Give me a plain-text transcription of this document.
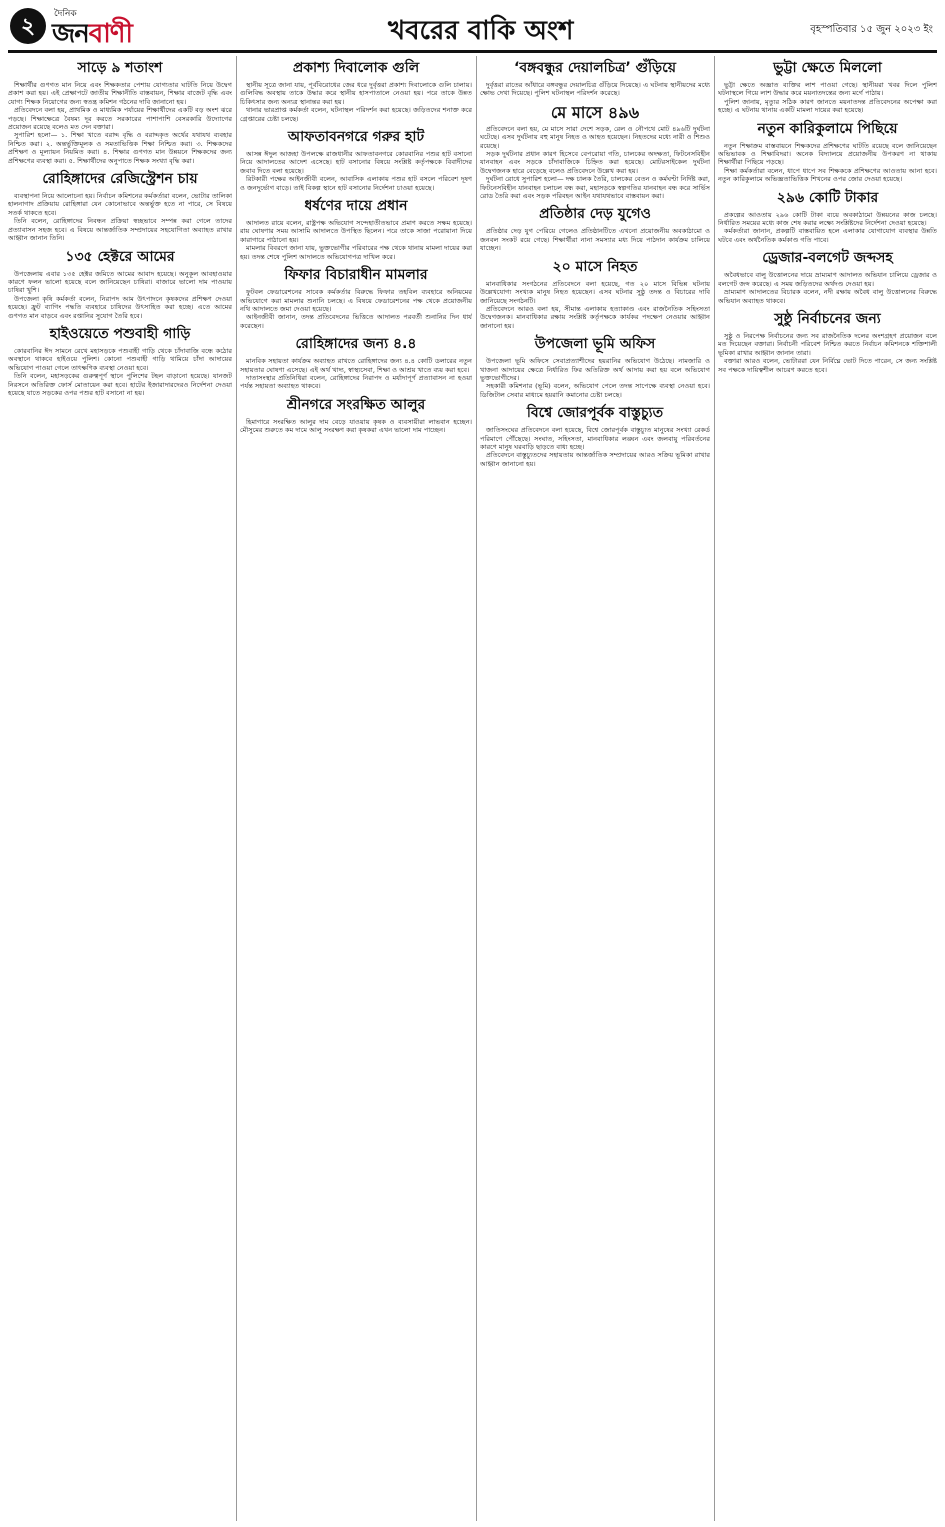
২	দৈনিক
জনবাণী	খবরের বাকি অংশ	বৃহস্পতিবার ১৫ জুন ২০২৩ ইং
সাড়ে ৯ শতাংশ

শিক্ষার্থীর গুণগত মান নিয়ে এবং শিক্ষকতার পেশায় যোগ্যতার ঘাটতি নিয়ে উদ্বেগ প্রকাশ করা হয়। এই প্রেক্ষাপটে জাতীয় শিক্ষানীতি বাস্তবায়ন, শিক্ষার বাজেট বৃদ্ধি এবং যোগ্য শিক্ষক নিয়োগের জন্য স্বতন্ত্র কমিশন গঠনের দাবি জানানো হয়।

প্রতিবেদনে বলা হয়, প্রাথমিক ও মাধ্যমিক পর্যায়ের শিক্ষার্থীদের একটি বড় অংশ ঝরে পড়ছে। শিক্ষাক্ষেত্রে বৈষম্য দূর করতে সরকারের পাশাপাশি বেসরকারি উদ্যোগের প্রয়োজন রয়েছে বলেও মত দেন বক্তারা।

সুপারিশ হলো— ১. শিক্ষা খাতে বরাদ্দ বৃদ্ধি ও বরাদ্দকৃত অর্থের যথাযথ ব্যবহার নিশ্চিত করা। ২. অন্তর্ভুক্তিমূলক ও সমতাভিত্তিক শিক্ষা নিশ্চিত করা। ৩. শিক্ষকদের প্রশিক্ষণ ও মূল্যায়ন নিয়মিত করা। ৪. শিক্ষার গুণগত মান উন্নয়নে শিক্ষকদের জন্য প্রশিক্ষণের ব্যবস্থা করা। ৫. শিক্ষার্থীদের অনুপাতে শিক্ষক সংখ্যা বৃদ্ধি করা।

রোহিঙ্গাদের রেজিস্ট্রেশন চায়

ব্যবস্থাপনা নিয়ে আলোচনা হয়। নির্বাচন কমিশনের কর্মকর্তারা বলেন, ভোটার তালিকা হালনাগাদ প্রক্রিয়ায় রোহিঙ্গারা যেন কোনোভাবে অন্তর্ভুক্ত হতে না পারে, সে বিষয়ে সতর্ক থাকতে হবে।

তিনি বলেন, রোহিঙ্গাদের নিবন্ধন প্রক্রিয়া স্বচ্ছভাবে সম্পন্ন করা গেলে তাদের প্রত্যাবাসন সহজ হবে। এ বিষয়ে আন্তর্জাতিক সম্প্রদায়ের সহযোগিতা অব্যাহত রাখার আহ্বান জানান তিনি।

১৩৫ হেক্টরে আমের

উপজেলায় এবার ১৩৫ হেক্টর জমিতে আমের আবাদ হয়েছে। অনুকূল আবহাওয়ার কারণে ফলন ভালো হয়েছে বলে জানিয়েছেন চাষিরা। বাজারে ভালো দাম পাওয়ায় চাষিরা খুশি।

উপজেলা কৃষি কর্মকর্তা বলেন, নিরাপদ আম উৎপাদনে কৃষকদের প্রশিক্ষণ দেওয়া হয়েছে। ফ্রুট ব্যাগিং পদ্ধতি ব্যবহারে চাষিদের উৎসাহিত করা হচ্ছে। এতে আমের গুণগত মান বাড়বে এবং রপ্তানির সুযোগ তৈরি হবে।

হাইওয়েতে পশুবাহী গাড়ি

কোরবানির ঈদ সামনে রেখে মহাসড়কে পশুবাহী গাড়ি থেকে চাঁদাবাজি বন্ধে কঠোর অবস্থানে থাকবে হাইওয়ে পুলিশ। কোনো পশুবাহী গাড়ি থামিয়ে চাঁদা আদায়ের অভিযোগ পাওয়া গেলে তাৎক্ষণিক ব্যবস্থা নেওয়া হবে।

তিনি বলেন, মহাসড়কের গুরুত্বপূর্ণ স্থানে পুলিশের টহল বাড়ানো হয়েছে। যানজট নিরসনে অতিরিক্ত ফোর্স মোতায়েন করা হবে। হাটের ইজারাদারদেরও নির্দেশনা দেওয়া হয়েছে যাতে সড়কের ওপর পশুর হাট বসানো না হয়।

প্রকাশ্য দিবালোক গুলি

স্থানীয় সূত্রে জানা যায়, পূর্ববিরোধের জের ধরে দুর্বৃত্তরা প্রকাশ্য দিবালোকে গুলি চালায়। গুলিবিদ্ধ অবস্থায় তাকে উদ্ধার করে স্থানীয় হাসপাতালে নেওয়া হয়। পরে তাকে উন্নত চিকিৎসার জন্য অন্যত্র স্থানান্তর করা হয়।

থানার ভারপ্রাপ্ত কর্মকর্তা বলেন, ঘটনাস্থল পরিদর্শন করা হয়েছে। জড়িতদের শনাক্ত করে গ্রেপ্তারের চেষ্টা চলছে।

আফতাবনগরে গরুর হাট

আসন্ন ঈদুল আজহা উপলক্ষে রাজধানীর আফতাবনগরে কোরবানির পশুর হাট বসানো নিয়ে আদালতের আদেশ এসেছে। হাট বসানোর বিষয়ে সংশ্লিষ্ট কর্তৃপক্ষকে বিবাদীদের জবাব দিতে বলা হয়েছে।

রিটকারী পক্ষের আইনজীবী বলেন, আবাসিক এলাকায় পশুর হাট বসলে পরিবেশ দূষণ ও জনদুর্ভোগ বাড়ে। তাই বিকল্প স্থানে হাট বসানোর নির্দেশনা চাওয়া হয়েছে।

ধর্ষণের দায়ে প্রধান

আদালত রায়ে বলেন, রাষ্ট্রপক্ষ অভিযোগ সন্দেহাতীতভাবে প্রমাণ করতে সক্ষম হয়েছে। রায় ঘোষণার সময় আসামি আদালতে উপস্থিত ছিলেন। পরে তাকে সাজা পরোয়ানা দিয়ে কারাগারে পাঠানো হয়।

মামলার বিবরণে জানা যায়, ভুক্তভোগীর পরিবারের পক্ষ থেকে থানায় মামলা দায়ের করা হয়। তদন্ত শেষে পুলিশ আদালতে অভিযোগপত্র দাখিল করে।

ফিফার বিচারাধীন মামলার

ফুটবল ফেডারেশনের সাবেক কর্মকর্তার বিরুদ্ধে ফিফার তহবিল ব্যবহারে অনিয়মের অভিযোগে করা মামলার শুনানি চলছে। এ বিষয়ে ফেডারেশনের পক্ষ থেকে প্রয়োজনীয় নথি আদালতে জমা দেওয়া হয়েছে।

আইনজীবী জানান, তদন্ত প্রতিবেদনের ভিত্তিতে আদালত পরবর্তী শুনানির দিন ধার্য করেছেন।

রোহিঙ্গাদের জন্য ৪.৪

মানবিক সহায়তা কার্যক্রম অব্যাহত রাখতে রোহিঙ্গাদের জন্য ৪.৪ কোটি ডলারের নতুন সহায়তার ঘোষণা এসেছে। এই অর্থ খাদ্য, স্বাস্থ্যসেবা, শিক্ষা ও আশ্রয় খাতে ব্যয় করা হবে।

দাতাসংস্থার প্রতিনিধিরা বলেন, রোহিঙ্গাদের নিরাপদ ও মর্যাদাপূর্ণ প্রত্যাবাসন না হওয়া পর্যন্ত সহায়তা অব্যাহত থাকবে।

শ্রীনগরে সংরক্ষিত আলুর

হিমাগারে সংরক্ষিত আলুর দাম বেড়ে যাওয়ায় কৃষক ও ব্যবসায়ীরা লাভবান হচ্ছেন। মৌসুমের শুরুতে কম দামে আলু সংরক্ষণ করা কৃষকরা এখন ভালো দাম পাচ্ছেন।

‘বঙ্গবন্ধুর দেয়ালচিত্র’ গুঁড়িয়ে

দুর্বৃত্তরা রাতের আঁধারে বঙ্গবন্ধুর দেয়ালচিত্র গুঁড়িয়ে দিয়েছে। এ ঘটনায় স্থানীয়দের মধ্যে ক্ষোভ দেখা দিয়েছে। পুলিশ ঘটনাস্থল পরিদর্শন করেছে।

মে মাসে ৪৯৬

প্রতিবেদনে বলা হয়, মে মাসে সারা দেশে সড়ক, রেল ও নৌপথে মোট ৪৯৬টি দুর্ঘটনা ঘটেছে। এসব দুর্ঘটনায় বহু মানুষ নিহত ও আহত হয়েছেন। নিহতদের মধ্যে নারী ও শিশুও রয়েছে।

সড়ক দুর্ঘটনার প্রধান কারণ হিসেবে বেপরোয়া গতি, চালকের অদক্ষতা, ফিটনেসবিহীন যানবাহন এবং সড়কে চাঁদাবাজিকে চিহ্নিত করা হয়েছে। মোটরসাইকেল দুর্ঘটনা উদ্বেগজনক হারে বেড়েছে বলেও প্রতিবেদনে উল্লেখ করা হয়।

দুর্ঘটনা রোধে সুপারিশ হলো— দক্ষ চালক তৈরি, চালকের বেতন ও কর্মঘণ্টা নির্দিষ্ট করা, ফিটনেসবিহীন যানবাহন চলাচল বন্ধ করা, মহাসড়কে স্বল্পগতির যানবাহন বন্ধ করে সার্ভিস রোড তৈরি করা এবং সড়ক পরিবহন আইন যথাযথভাবে বাস্তবায়ন করা।

প্রতিষ্ঠার দেড় যুগেও

প্রতিষ্ঠার দেড় যুগ পেরিয়ে গেলেও প্রতিষ্ঠানটিতে এখনো প্রয়োজনীয় অবকাঠামো ও জনবল সংকট রয়ে গেছে। শিক্ষার্থীরা নানা সমস্যার মধ্য দিয়ে পাঠদান কার্যক্রম চালিয়ে যাচ্ছেন।

২০ মাসে নিহত

মানবাধিকার সংগঠনের প্রতিবেদনে বলা হয়েছে, গত ২০ মাসে বিভিন্ন ঘটনায় উল্লেখযোগ্য সংখ্যক মানুষ নিহত হয়েছেন। এসব ঘটনার সুষ্ঠু তদন্ত ও বিচারের দাবি জানিয়েছে সংগঠনটি।

প্রতিবেদনে আরও বলা হয়, সীমান্ত এলাকায় হত্যাকাণ্ড এবং রাজনৈতিক সহিংসতা উদ্বেগজনক। মানবাধিকার রক্ষায় সংশ্লিষ্ট কর্তৃপক্ষকে কার্যকর পদক্ষেপ নেওয়ার আহ্বান জানানো হয়।

উপজেলা ভূমি অফিস

উপজেলা ভূমি অফিসে সেবাপ্রত্যাশীদের হয়রানির অভিযোগ উঠেছে। নামজারি ও খাজনা আদায়ের ক্ষেত্রে নির্ধারিত ফির অতিরিক্ত অর্থ আদায় করা হয় বলে অভিযোগ ভুক্তভোগীদের।

সহকারী কমিশনার (ভূমি) বলেন, অভিযোগ পেলে তদন্ত সাপেক্ষে ব্যবস্থা নেওয়া হবে। ডিজিটাল সেবার মাধ্যমে হয়রানি কমানোর চেষ্টা চলছে।

বিশ্বে জোরপূর্বক বাস্তুচ্যুত

জাতিসংঘের প্রতিবেদনে বলা হয়েছে, বিশ্বে জোরপূর্বক বাস্তুচ্যুত মানুষের সংখ্যা রেকর্ড পরিমাণে পৌঁছেছে। সংঘাত, সহিংসতা, মানবাধিকার লঙ্ঘন এবং জলবায়ু পরিবর্তনের কারণে মানুষ ঘরবাড়ি ছাড়তে বাধ্য হচ্ছে।

প্রতিবেদনে বাস্তুচ্যুতদের সহায়তায় আন্তর্জাতিক সম্প্রদায়ের আরও সক্রিয় ভূমিকা রাখার আহ্বান জানানো হয়।

ভুট্টা ক্ষেতে মিললো

ভুট্টা ক্ষেতে অজ্ঞাত ব্যক্তির লাশ পাওয়া গেছে। স্থানীয়রা খবর দিলে পুলিশ ঘটনাস্থলে গিয়ে লাশ উদ্ধার করে ময়নাতদন্তের জন্য মর্গে পাঠায়।

পুলিশ জানায়, মৃত্যুর সঠিক কারণ জানতে ময়নাতদন্ত প্রতিবেদনের অপেক্ষা করা হচ্ছে। এ ঘটনায় থানায় একটি মামলা দায়ের করা হয়েছে।

নতুন কারিকুলামে পিছিয়ে

নতুন শিক্ষাক্রম বাস্তবায়নে শিক্ষকদের প্রশিক্ষণের ঘাটতি রয়েছে বলে জানিয়েছেন অভিভাবক ও শিক্ষাবিদরা। অনেক বিদ্যালয়ে প্রয়োজনীয় উপকরণ না থাকায় শিক্ষার্থীরা পিছিয়ে পড়ছে।

শিক্ষা কর্মকর্তারা বলেন, ধাপে ধাপে সব শিক্ষককে প্রশিক্ষণের আওতায় আনা হবে। নতুন কারিকুলামে অভিজ্ঞতাভিত্তিক শিখনের ওপর জোর দেওয়া হয়েছে।

২৯৬ কোটি টাকার

প্রকল্পের আওতায় ২৯৬ কোটি টাকা ব্যয়ে অবকাঠামো উন্নয়নের কাজ চলছে। নির্ধারিত সময়ের মধ্যে কাজ শেষ করার লক্ষ্যে সংশ্লিষ্টদের নির্দেশনা দেওয়া হয়েছে।

কর্মকর্তারা জানান, প্রকল্পটি বাস্তবায়িত হলে এলাকার যোগাযোগ ব্যবস্থার উন্নতি ঘটবে এবং অর্থনৈতিক কর্মকাণ্ড গতি পাবে।

ড্রেজার-বলগেট জব্দসহ

অবৈধভাবে বালু উত্তোলনের দায়ে ভ্রাম্যমাণ আদালত অভিযান চালিয়ে ড্রেজার ও বলগেট জব্দ করেছে। এ সময় জড়িতদের অর্থদণ্ড দেওয়া হয়।

ভ্রাম্যমাণ আদালতের বিচারক বলেন, নদী রক্ষায় অবৈধ বালু উত্তোলনের বিরুদ্ধে অভিযান অব্যাহত থাকবে।

সুষ্ঠু নির্বাচনের জন্য

সুষ্ঠু ও নিরপেক্ষ নির্বাচনের জন্য সব রাজনৈতিক দলের অংশগ্রহণ প্রয়োজন বলে মত দিয়েছেন বক্তারা। নির্বাচনী পরিবেশ নিশ্চিত করতে নির্বাচন কমিশনকে শক্তিশালী ভূমিকা রাখার আহ্বান জানান তারা।

বক্তারা আরও বলেন, ভোটাররা যেন নির্বিঘ্নে ভোট দিতে পারেন, সে জন্য সংশ্লিষ্ট সব পক্ষকে দায়িত্বশীল আচরণ করতে হবে।
